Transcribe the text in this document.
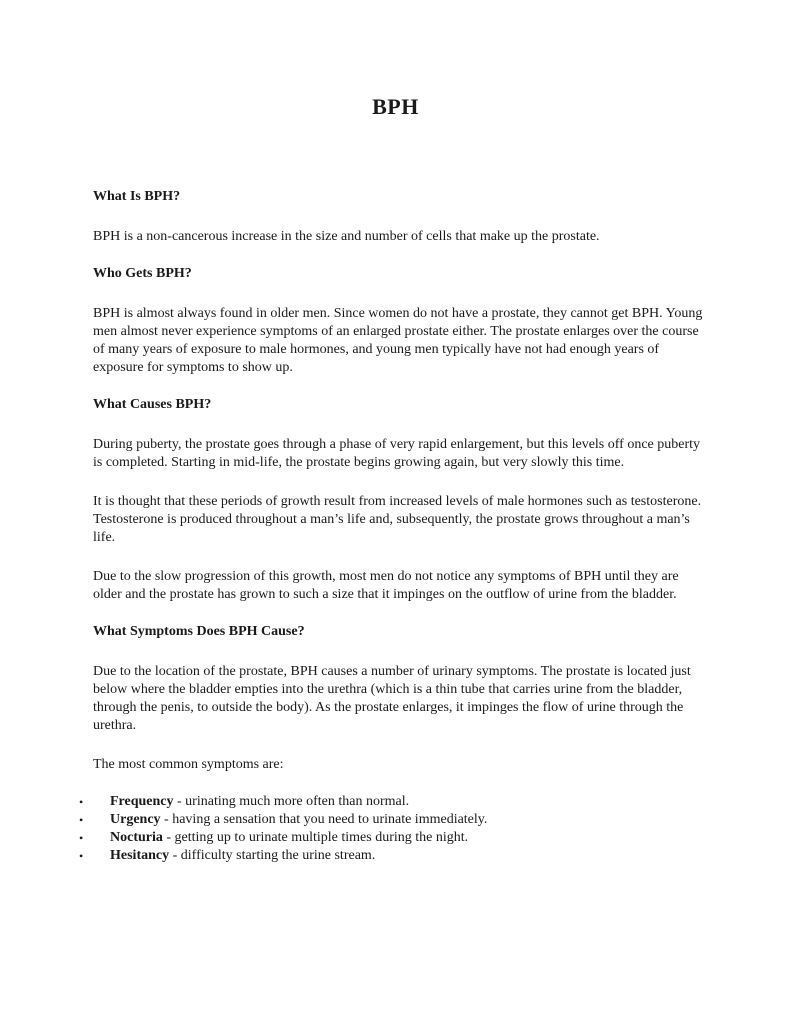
BPH
What Is BPH?

BPH is a non-cancerous increase in the size and number of cells that make up the prostate.

Who Gets BPH?

BPH is almost always found in older men. Since women do not have a prostate, they cannot get BPH. Young men almost never experience symptoms of an enlarged prostate either. The prostate enlarges over the course of many years of exposure to male hormones, and young men typically have not had enough years of exposure for symptoms to show up.

What Causes BPH?

During puberty, the prostate goes through a phase of very rapid enlargement, but this levels off once puberty is completed. Starting in mid-life, the prostate begins growing again, but very slowly this time.

It is thought that these periods of growth result from increased levels of male hormones such as testosterone. Testosterone is produced throughout a man’s life and, subsequently, the prostate grows throughout a man’s life.

Due to the slow progression of this growth, most men do not notice any symptoms of BPH until they are older and the prostate has grown to such a size that it impinges on the outflow of urine from the bladder.

What Symptoms Does BPH Cause?

Due to the location of the prostate, BPH causes a number of urinary symptoms. The prostate is located just below where the bladder empties into the urethra (which is a thin tube that carries urine from the bladder, through the penis, to outside the body). As the prostate enlarges, it impinges the flow of urine through the urethra.

The most common symptoms are:

• Frequency - urinating much more often than normal.
• Urgency - having a sensation that you need to urinate immediately.
• Nocturia - getting up to urinate multiple times during the night.
• Hesitancy - difficulty starting the urine stream.
